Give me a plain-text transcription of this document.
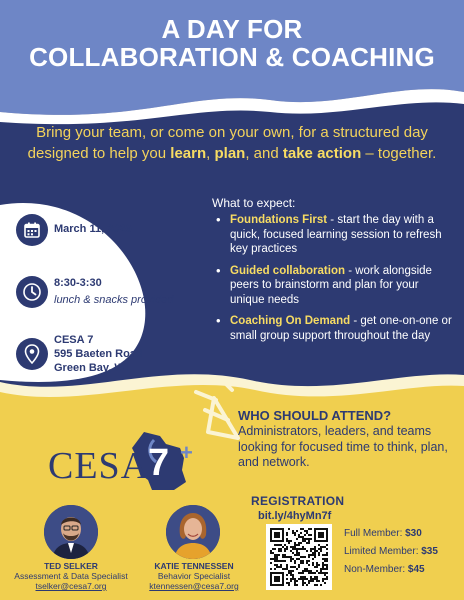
A DAY FOR
COLLABORATION & COACHING
Bring your team, or come on your own, for a structured day designed to help you learn, plan, and take action – together.
March 11, 2026
8:30-3:30
lunch & snacks provided
CESA 7
595 Baeten Road
Green Bay, WI
What to expect:
• Foundations First - start the day with a quick, focused learning session to refresh key practices
• Guided collaboration - work alongside peers to brainstorm and plan for your unique needs
• Coaching On Demand - get one-on-one or small group support throughout the day
WHO SHOULD ATTEND?
Administrators, leaders, and teams looking for focused time to think, plan, and network.
CESA
7 +
TED SELKER
Assessment & Data Specialist
tselker@cesa7.org
KATIE TENNESSEN
Behavior Specialist
ktennessen@cesa7.org
REGISTRATION
bit.ly/4hyMn7f
Full Member: $30
Limited Member: $35
Non-Member: $45
